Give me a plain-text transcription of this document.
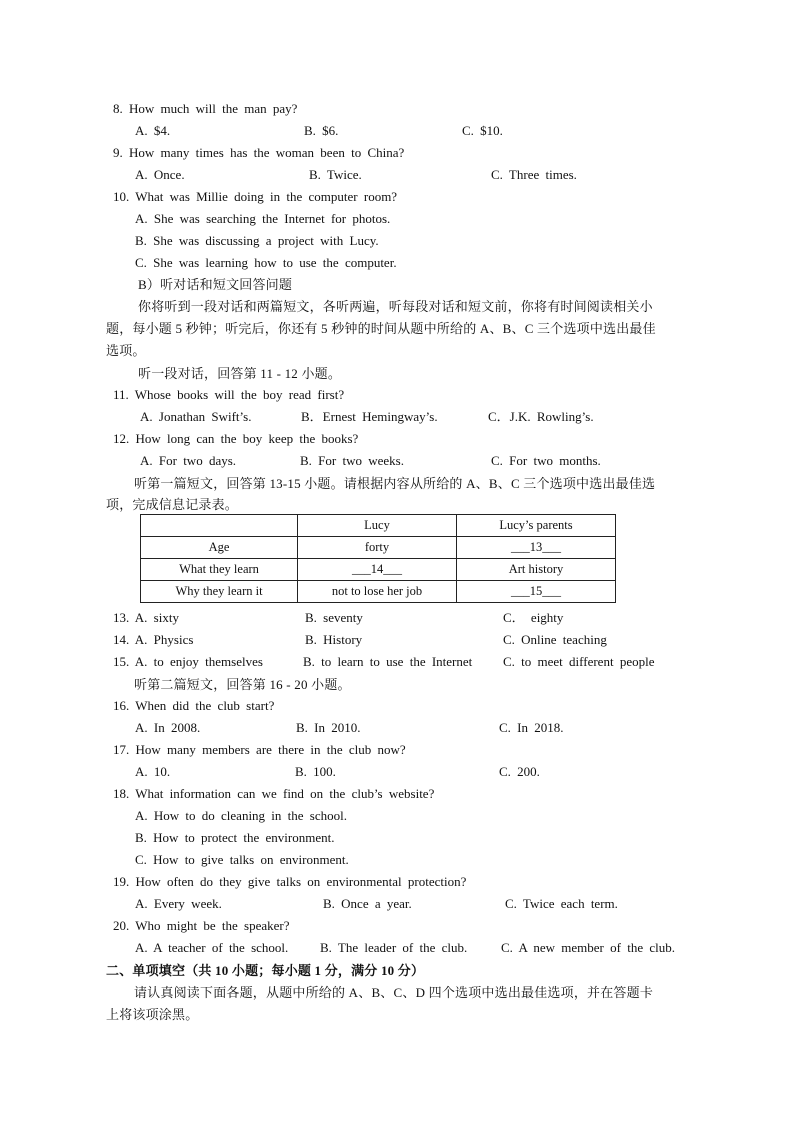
8. How much will the man pay?
A. $4.	B. $6.	C. $10.
9. How many times has the woman been to China?
A. Once.	B. Twice.	C. Three times.
10. What was Millie doing in the computer room?
A. She was searching the Internet for photos.
B. She was discussing a project with Lucy.
C. She was learning how to use the computer.
B）听对话和短文回答问题
你将听到一段对话和两篇短文，各听两遍，听每段对话和短文前，你将有时间阅读相关小
题，每小题 5 秒钟；听完后，你还有 5 秒钟的时间从题中所给的 A、B、C 三个选项中选出最佳
选项。
听一段对话，回答第 11 - 12 小题。
11. Whose books will the boy read first?
A. Jonathan Swift’s.	B．Ernest Hemingway’s.	C．J.K. Rowling’s.
12. How long can the boy keep the books?
A. For two days.	B. For two weeks.	C. For two months.
听第一篇短文，回答第 13-15 小题。请根据内容从所给的 A、B、C 三个选项中选出最佳选
项，完成信息记录表。
	Lucy	Lucy’s parents
Age	forty	___13___
What they learn	___14___	Art history
Why they learn it	not to lose her job	___15___
13. A. sixty	B. seventy	C． eighty
14. A. Physics	B. History	C. Online teaching
15. A. to enjoy themselves	B. to learn to use the Internet C. to meet different people
听第二篇短文，回答第 16 - 20 小题。
16. When did the club start?
A. In 2008.	B. In 2010.	C. In 2018.
17. How many members are there in the club now?
A. 10.	B. 100.	C. 200.
18. What information can we find on the club’s website?
A. How to do cleaning in the school.
B. How to protect the environment.
C. How to give talks on environment.
19. How often do they give talks on environmental protection?
A. Every week.	B. Once a year.	C. Twice each term.
20. Who might be the speaker?
A. A teacher of the school. B. The leader of the club.	C. A new member of the club.
二、单项填空（共 10 小题；每小题 1 分，满分 10 分）
请认真阅读下面各题，从题中所给的 A、B、C、D 四个选项中选出最佳选项，并在答题卡
上将该项涂黑。
